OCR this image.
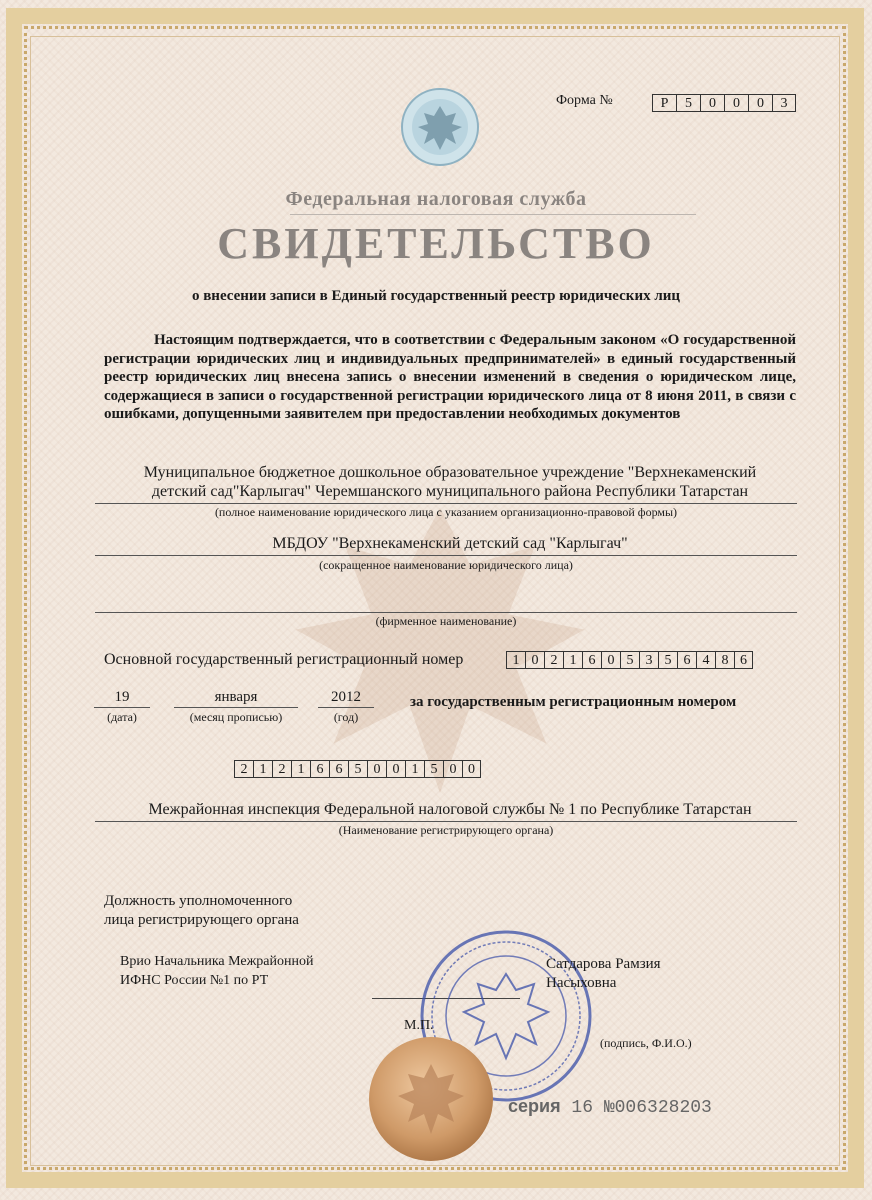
Форма №	Р	5	0	0	0	3
Федеральная налоговая служба
СВИДЕТЕЛЬСТВО
о внесении записи в Единый государственный реестр юридических лиц
Настоящим подтверждается, что в соответствии с Федеральным законом «О государственной регистрации юридических лиц и индивидуальных предпринимателей» в единый государственный реестр юридических лиц внесена запись о внесении изменений в сведения о юридическом лице, содержащиеся в записи о государственной регистрации юридического лица от 8 июня 2011, в связи с ошибками, допущенными заявителем при предоставлении необходимых документов
Муниципальное бюджетное дошкольное образовательное учреждение "Верхнекаменский
детский сад"Карлыгач" Черемшанского муниципального района Республики Татарстан
(полное наименование юридического лица с указанием организационно-правовой формы)
МБДОУ "Верхнекаменский детский сад "Карлыгач"
(сокращенное наименование юридического лица)
(фирменное наименование)
Основной государственный регистрационный номер	1 0 2 1 6 0 5 3 5 6 4 8 6
19
(дата)
января
(месяц прописью)
2012
(год)
за государственным регистрационным номером
2 1 2 1 6 6 5 0 0 1 5 0 0
Межрайонная инспекция Федеральной налоговой службы № 1 по Республике Татарстан
(Наименование регистрирующего органа)
Должность уполномоченного
лица регистрирующего органа
Врио Начальника Межрайонной
ИФНС России №1 по РТ
Сатдарова Рамзия
Насыховна
М.П.
(подпись, Ф.И.О.)
серия 16 №006328203
